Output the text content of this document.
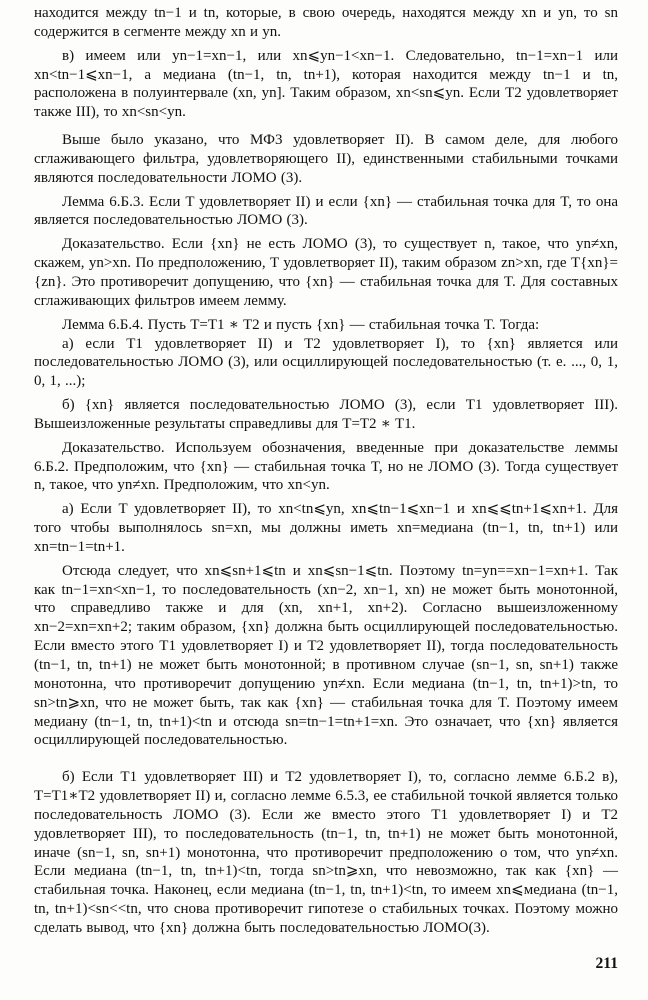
находится между tn−1 и tn, которые, в свою очередь, находятся между xn и yn, то sn содержится в сегменте между xn и yn.

в) имеем или yn−1=xn−1, или xn⩽yn−1<xn−1. Следовательно, tn−1=xn−1 или xn<tn−1⩽xn−1, а медиана (tn−1, tn, tn+1), которая находится между tn−1 и tn, расположена в полуинтервале (xn, yn]. Таким образом, xn<sn⩽yn. Если T2 удовлетворяет также III), то xn<sn<yn.

Выше было указано, что МФ3 удовлетворяет II). В самом деле, для любого сглаживающего фильтра, удовлетворяющего II), единственными стабильными точками являются последовательности ЛОМО (3).

Лемма 6.Б.3. Если T удовлетворяет II) и если {xn} — стабильная точка для T, то она является последовательностью ЛОМО (3).

Доказательство. Если {xn} не есть ЛОМО (3), то существует n, такое, что yn≠xn, скажем, yn>xn. По предположению, T удовлетворяет II), таким образом zn>xn, где T{xn}={zn}. Это противоречит допущению, что {xn} — стабильная точка для T. Для составных сглаживающих фильтров имеем лемму.

Лемма 6.Б.4. Пусть T=T1 ∗ T2 и пусть {xn} — стабильная точка T. Тогда:

а) если T1 удовлетворяет II) и T2 удовлетворяет I), то {xn} является или последовательностью ЛОМО (3), или осциллирующей последовательностью (т. е. ..., 0, 1, 0, 1, ...);

б) {xn} является последовательностью ЛОМО (3), если T1 удовлетворяет III). Вышеизложенные результаты справедливы для T=T2 ∗ T1.

Доказательство. Используем обозначения, введенные при доказательстве леммы 6.Б.2. Предположим, что {xn} — стабильная точка T, но не ЛОМО (3). Тогда существует n, такое, что yn≠xn. Предположим, что xn<yn.

а) Если T удовлетворяет II), то xn<tn⩽yn, xn⩽tn−1⩽xn−1 и xn⩽⩽tn+1⩽xn+1. Для того чтобы выполнялось sn=xn, мы должны иметь xn=медиана (tn−1, tn, tn+1) или xn=tn−1=tn+1.

Отсюда следует, что xn⩽sn+1⩽tn и xn⩽sn−1⩽tn. Поэтому tn=yn==xn−1=xn+1. Так как tn−1=xn<xn−1, то последовательность (xn−2, xn−1, xn) не может быть монотонной, что справедливо также и для (xn, xn+1, xn+2). Согласно вышеизложенному xn−2=xn=xn+2; таким образом, {xn} должна быть осциллирующей последовательностью. Если вместо этого T1 удовлетворяет I) и T2 удовлетворяет II), тогда последовательность (tn−1, tn, tn+1) не может быть монотонной; в противном случае (sn−1, sn, sn+1) также монотонна, что противоречит допущению yn≠xn. Если медиана (tn−1, tn, tn+1)>tn, то sn>tn⩾xn, что не может быть, так как {xn} — стабильная точка для T. Поэтому имеем медиану (tn−1, tn, tn+1)<tn и отсюда sn=tn−1=tn+1=xn. Это означает, что {xn} является осциллирующей последовательностью.

б) Если T1 удовлетворяет III) и T2 удовлетворяет I), то, согласно лемме 6.Б.2 в), T=T1∗T2 удовлетворяет II) и, согласно лемме 6.5.3, ее стабильной точкой является только последовательность ЛОМО (3). Если же вместо этого T1 удовлетворяет I) и T2 удовлетворяет III), то последовательность (tn−1, tn, tn+1) не может быть монотонной, иначе (sn−1, sn, sn+1) монотонна, что противоречит предположению о том, что yn≠xn. Если медиана (tn−1, tn, tn+1)<tn, тогда sn>tn⩾xn, что невозможно, так как {xn} — стабильная точка. Наконец, если медиана (tn−1, tn, tn+1)<tn, то имеем xn⩽медиана (tn−1, tn, tn+1)<sn<<tn, что снова противоречит гипотезе о стабильных точках. Поэтому можно сделать вывод, что {xn} должна быть последовательностью ЛОМО(3).

211
